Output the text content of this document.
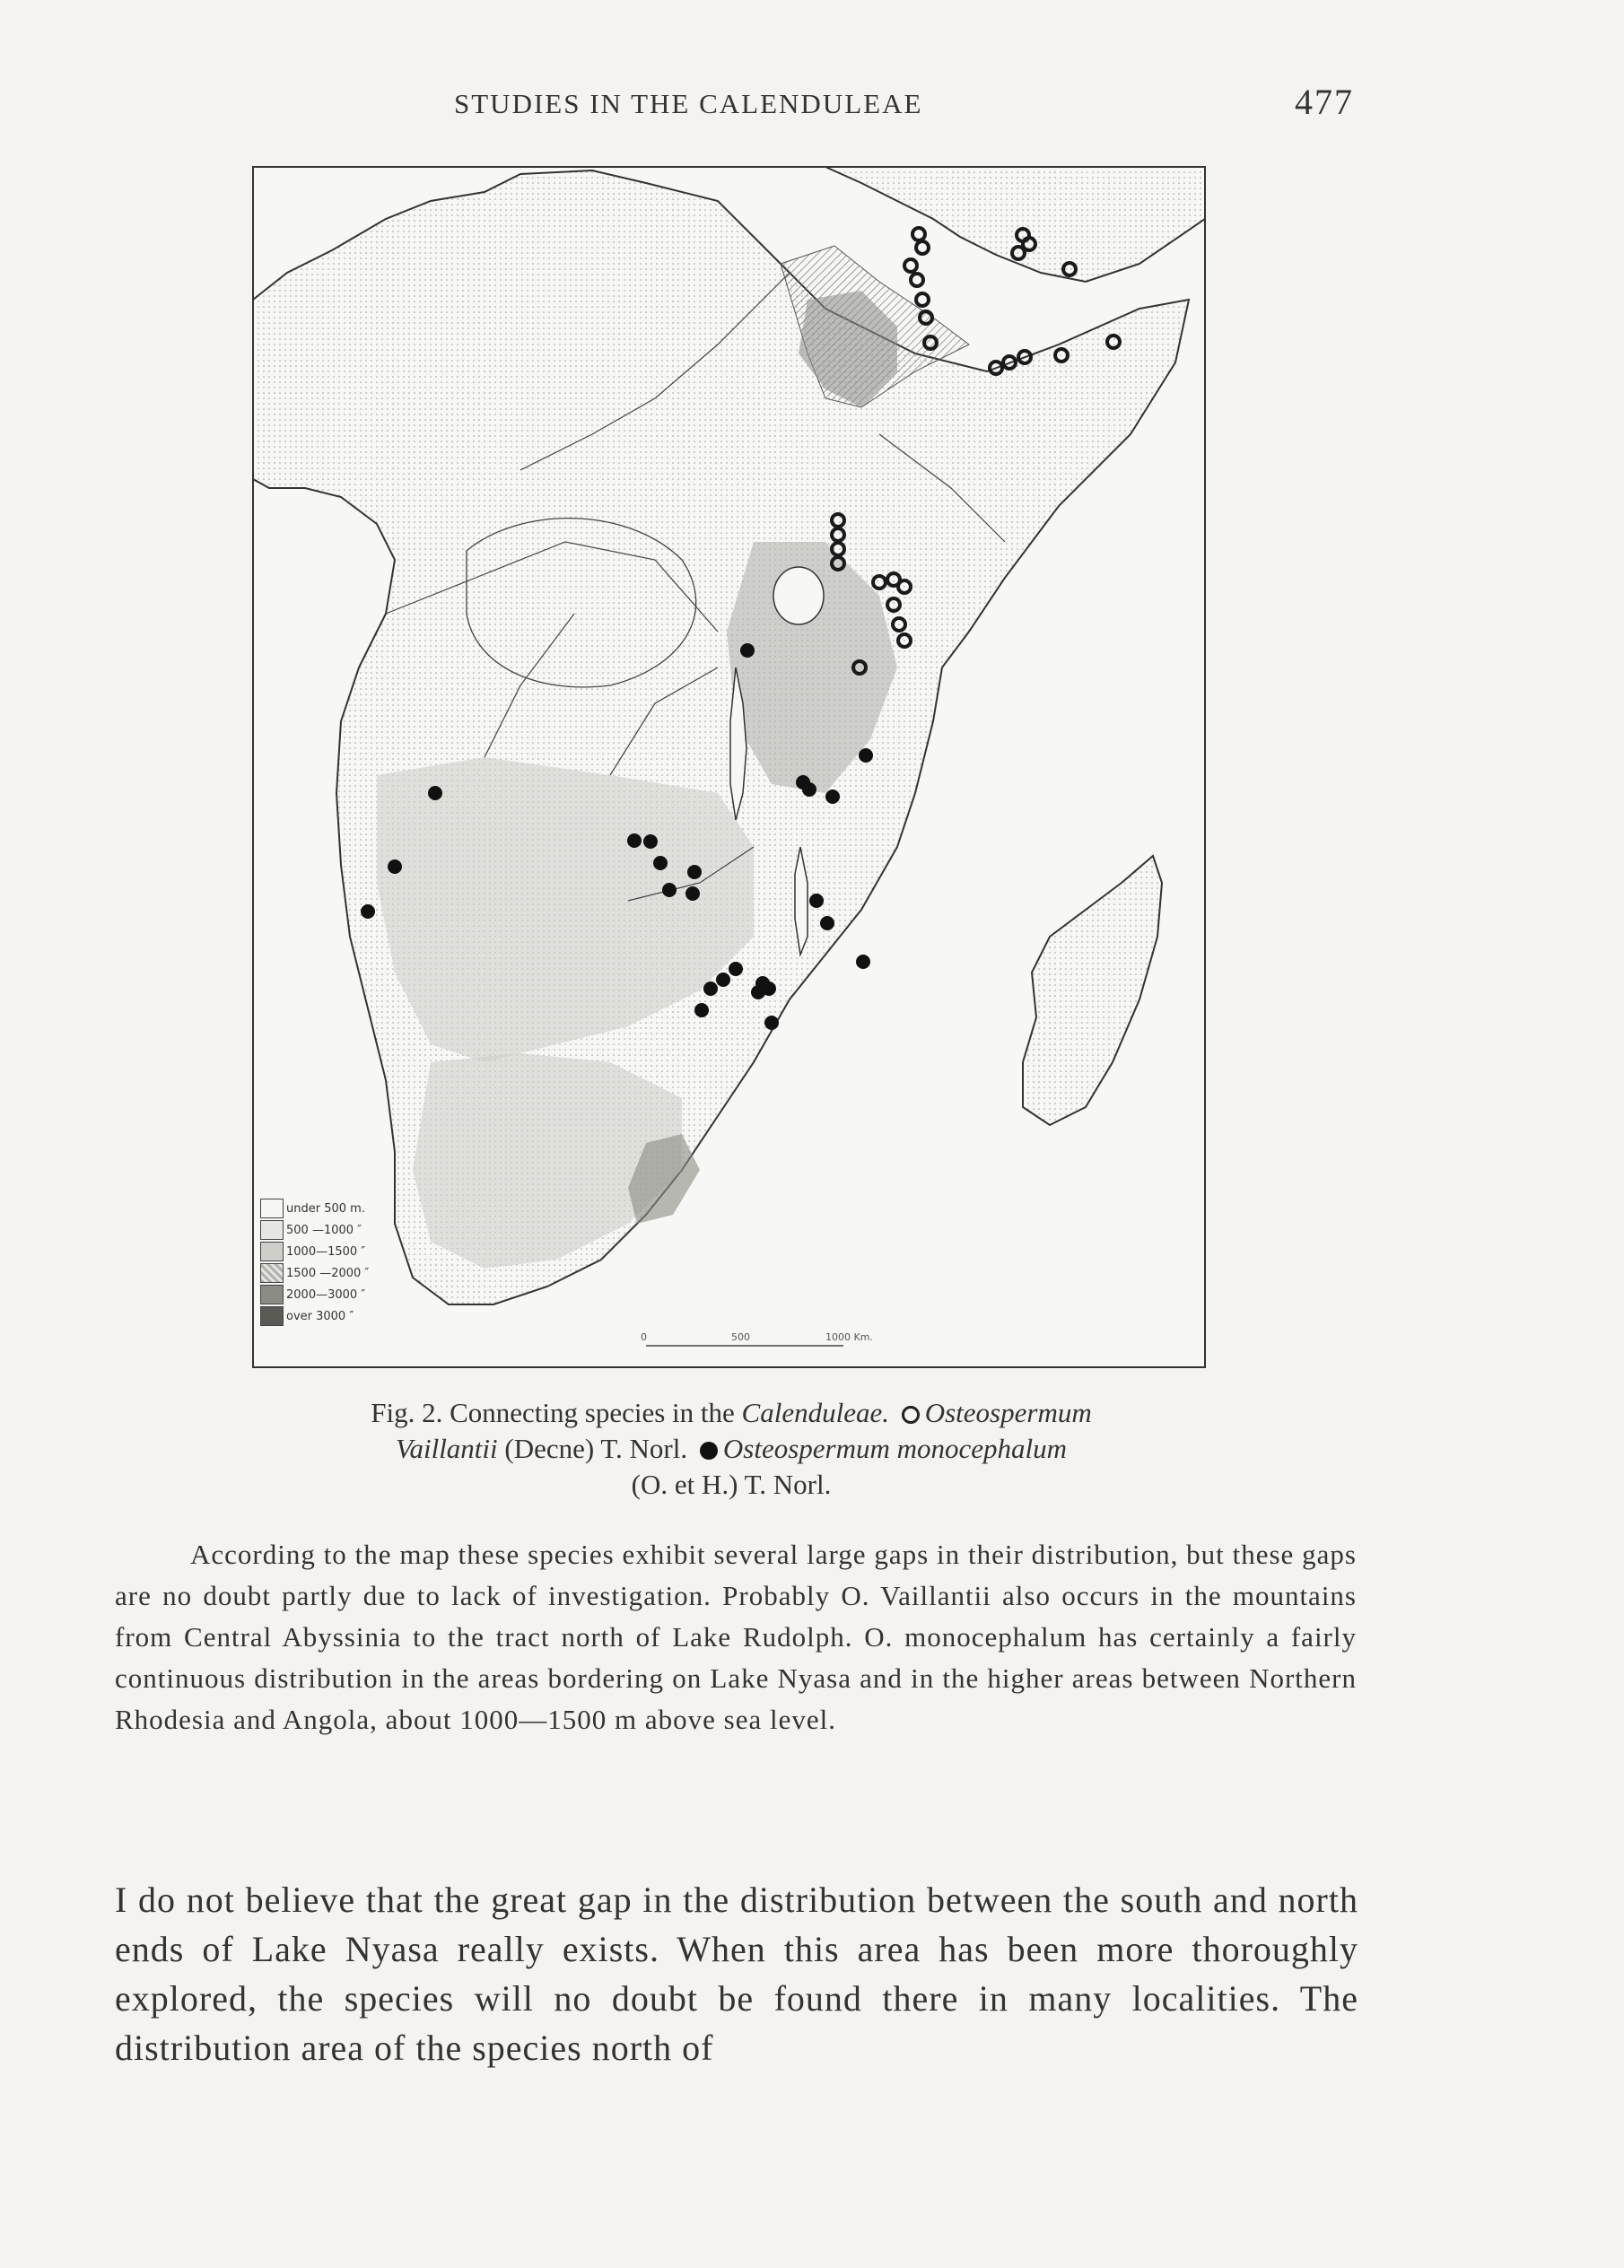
STUDIES IN THE CALENDULEAE	477
0	500	1000 Km.
under 500 m.
500 —1000 ″
1000—1500 ″
1500 —2000 ″
2000—3000 ″
over 3000 ″
Fig. 2. Connecting species in the Calenduleae. Osteospermum
Vaillantii (Decne) T. Norl. Osteospermum monocephalum
(O. et H.) T. Norl.
According to the map these species exhibit several large gaps in their distribution, but these gaps are no doubt partly due to lack of investigation. Probably O. Vaillantii also occurs in the mountains from Central Abyssinia to the tract north of Lake Rudolph. O. monocephalum has certainly a fairly continuous distribution in the areas bordering on Lake Nyasa and in the higher areas between Northern Rhodesia and Angola, about 1000—1500 m above sea level.
I do not believe that the great gap in the distribution between the south and north ends of Lake Nyasa really exists. When this area has been more thoroughly explored, the species will no doubt be found there in many localities. The distribution area of the species north of
